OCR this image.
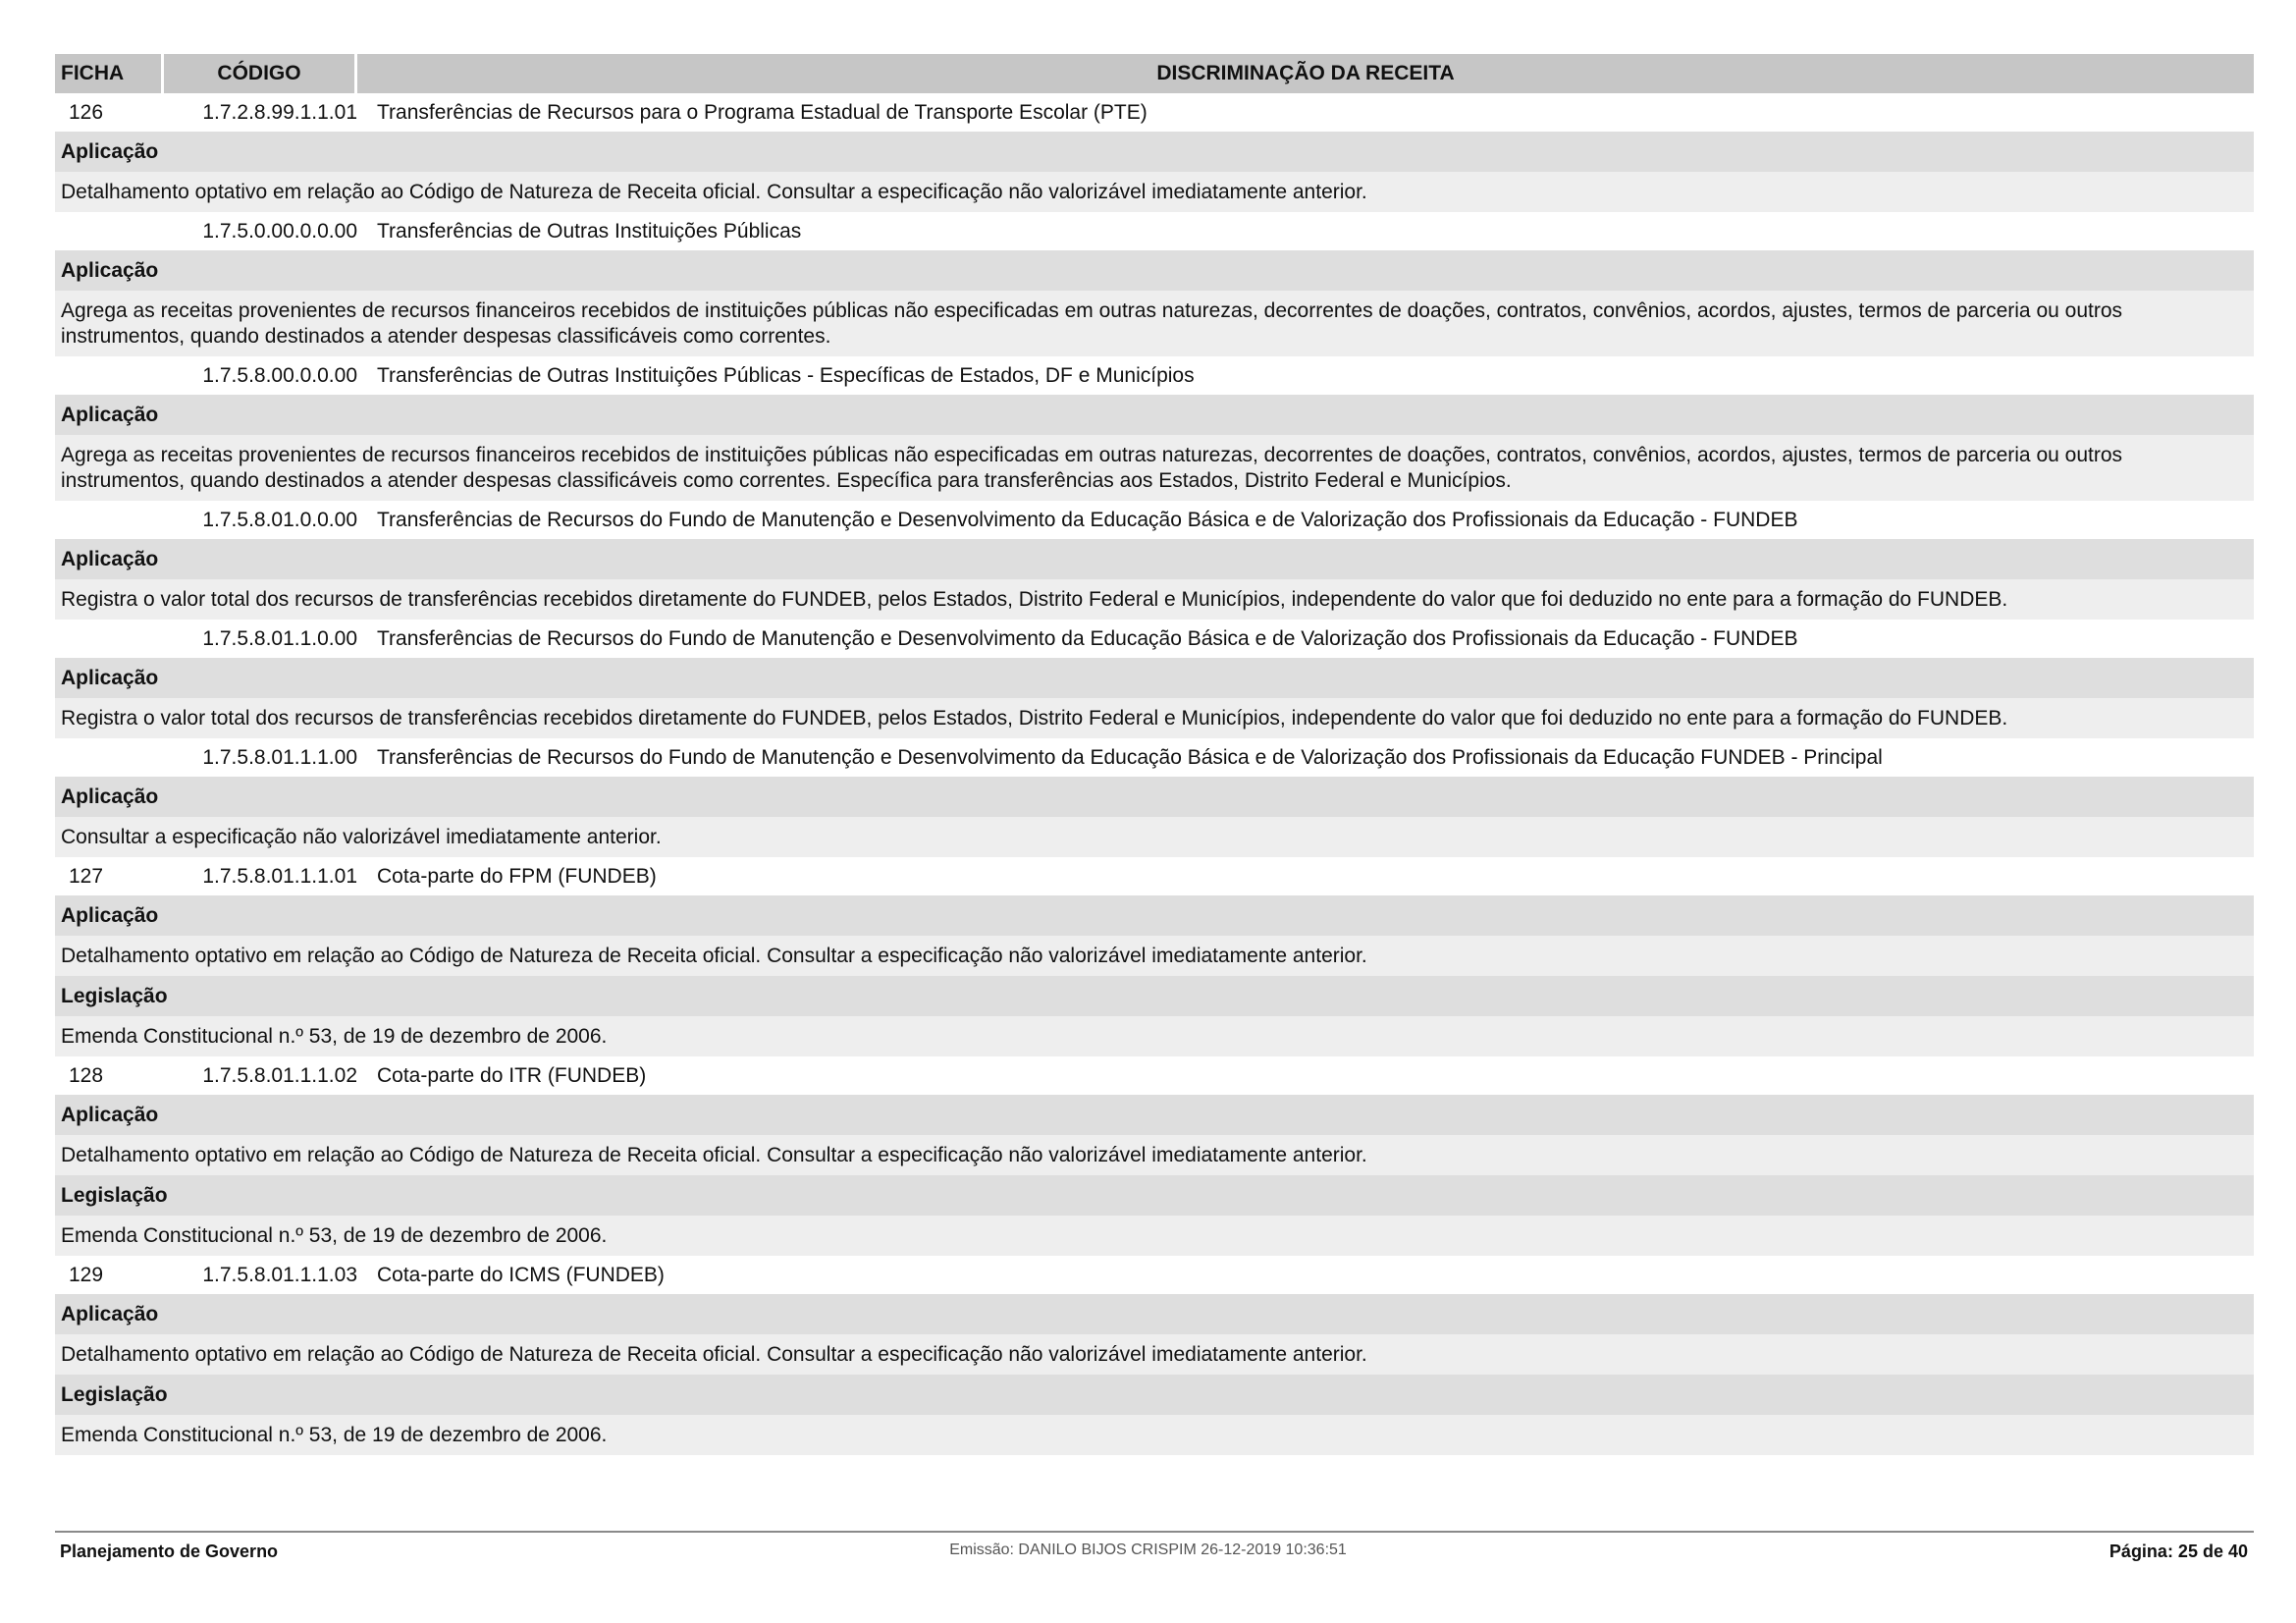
FICHA	CÓDIGO	DISCRIMINAÇÃO DA RECEITA
126	1.7.2.8.99.1.1.01 Transferências de Recursos para o Programa Estadual de Transporte Escolar (PTE)
Aplicação
Detalhamento optativo em relação ao Código de Natureza de Receita oficial. Consultar a especificação não valorizável imediatamente anterior.
1.7.5.0.00.0.0.00 Transferências de Outras Instituições Públicas
Aplicação
Agrega as receitas provenientes de recursos financeiros recebidos de instituições públicas não especificadas em outras naturezas, decorrentes de doações, contratos, convênios, acordos, ajustes, termos de parceria ou outros instrumentos, quando destinados a atender despesas classificáveis como correntes.
1.7.5.8.00.0.0.00 Transferências de Outras Instituições Públicas - Específicas de Estados, DF e Municípios
Aplicação
Agrega as receitas provenientes de recursos financeiros recebidos de instituições públicas não especificadas em outras naturezas, decorrentes de doações, contratos, convênios, acordos, ajustes, termos de parceria ou outros instrumentos, quando destinados a atender despesas classificáveis como correntes. Específica para transferências aos Estados, Distrito Federal e Municípios.
1.7.5.8.01.0.0.00 Transferências de Recursos do Fundo de Manutenção e Desenvolvimento da Educação Básica e de Valorização dos Profissionais da Educação - FUNDEB
Aplicação
Registra o valor total dos recursos de transferências recebidos diretamente do FUNDEB, pelos Estados, Distrito Federal e Municípios, independente do valor que foi deduzido no ente para a formação do FUNDEB.
1.7.5.8.01.1.0.00 Transferências de Recursos do Fundo de Manutenção e Desenvolvimento da Educação Básica e de Valorização dos Profissionais da Educação - FUNDEB
Aplicação
Registra o valor total dos recursos de transferências recebidos diretamente do FUNDEB, pelos Estados, Distrito Federal e Municípios, independente do valor que foi deduzido no ente para a formação do FUNDEB.
1.7.5.8.01.1.1.00 Transferências de Recursos do Fundo de Manutenção e Desenvolvimento da Educação Básica e de Valorização dos Profissionais da Educação FUNDEB - Principal
Aplicação
Consultar a especificação não valorizável imediatamente anterior.
127	1.7.5.8.01.1.1.01 Cota-parte do FPM (FUNDEB)
Aplicação
Detalhamento optativo em relação ao Código de Natureza de Receita oficial. Consultar a especificação não valorizável imediatamente anterior.
Legislação
Emenda Constitucional n.º 53, de 19 de dezembro de 2006.
128	1.7.5.8.01.1.1.02 Cota-parte do ITR (FUNDEB)
Aplicação
Detalhamento optativo em relação ao Código de Natureza de Receita oficial. Consultar a especificação não valorizável imediatamente anterior.
Legislação
Emenda Constitucional n.º 53, de 19 de dezembro de 2006.
129	1.7.5.8.01.1.1.03 Cota-parte do ICMS (FUNDEB)
Aplicação
Detalhamento optativo em relação ao Código de Natureza de Receita oficial. Consultar a especificação não valorizável imediatamente anterior.
Legislação
Emenda Constitucional n.º 53, de 19 de dezembro de 2006.
Planejamento de Governo	Emissão: DANILO BIJOS CRISPIM 26-12-2019 10:36:51	Página: 25 de 40
